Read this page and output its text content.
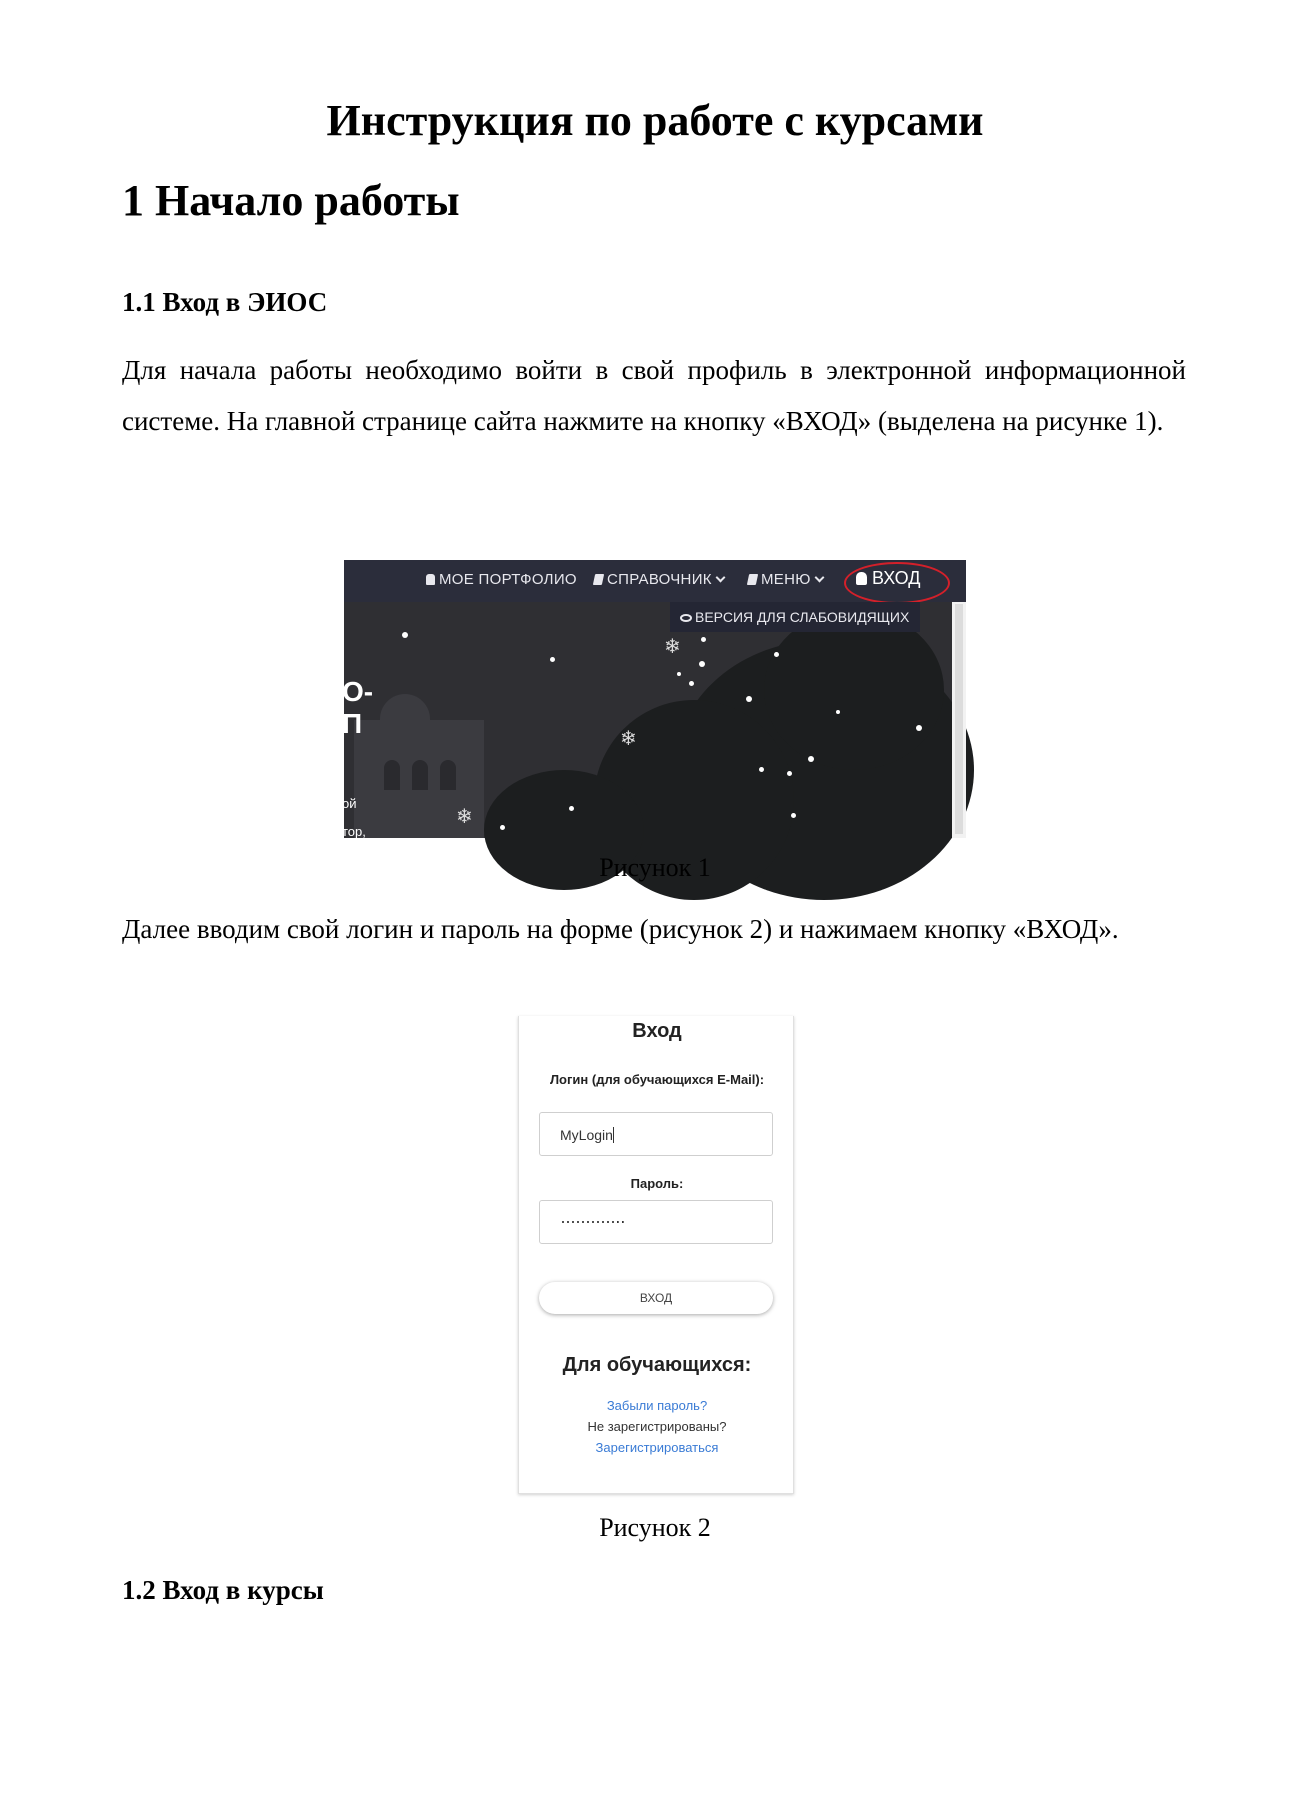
Инструкция по работе с курсами
1 Начало работы
1.1 Вход в ЭИОС

Для начала работы необходимо войти в свой профиль в электронной информационной системе. На главной странице сайта нажмите на кнопку «ВХОД» (выделена на рисунке 1).

О-
П
ой
тор,
❄
❄
❄
МОЕ ПОРТФОЛИО	СПРАВОЧНИК	МЕНЮ	ВХОД
ВЕРСИЯ ДЛЯ СЛАБОВИДЯЩИХ
Рисунок 1

Далее вводим свой логин и пароль на форме (рисунок 2) и нажимаем кнопку «ВХОД».

Вход
Логин (для обучающихся E-Mail):
MyLogin
Пароль:
·············
ВХОД
Для обучающихся:
Забыли пароль?
Не зарегистрированы?
Зарегистрироваться
Рисунок 2
1.2 Вход в курсы
